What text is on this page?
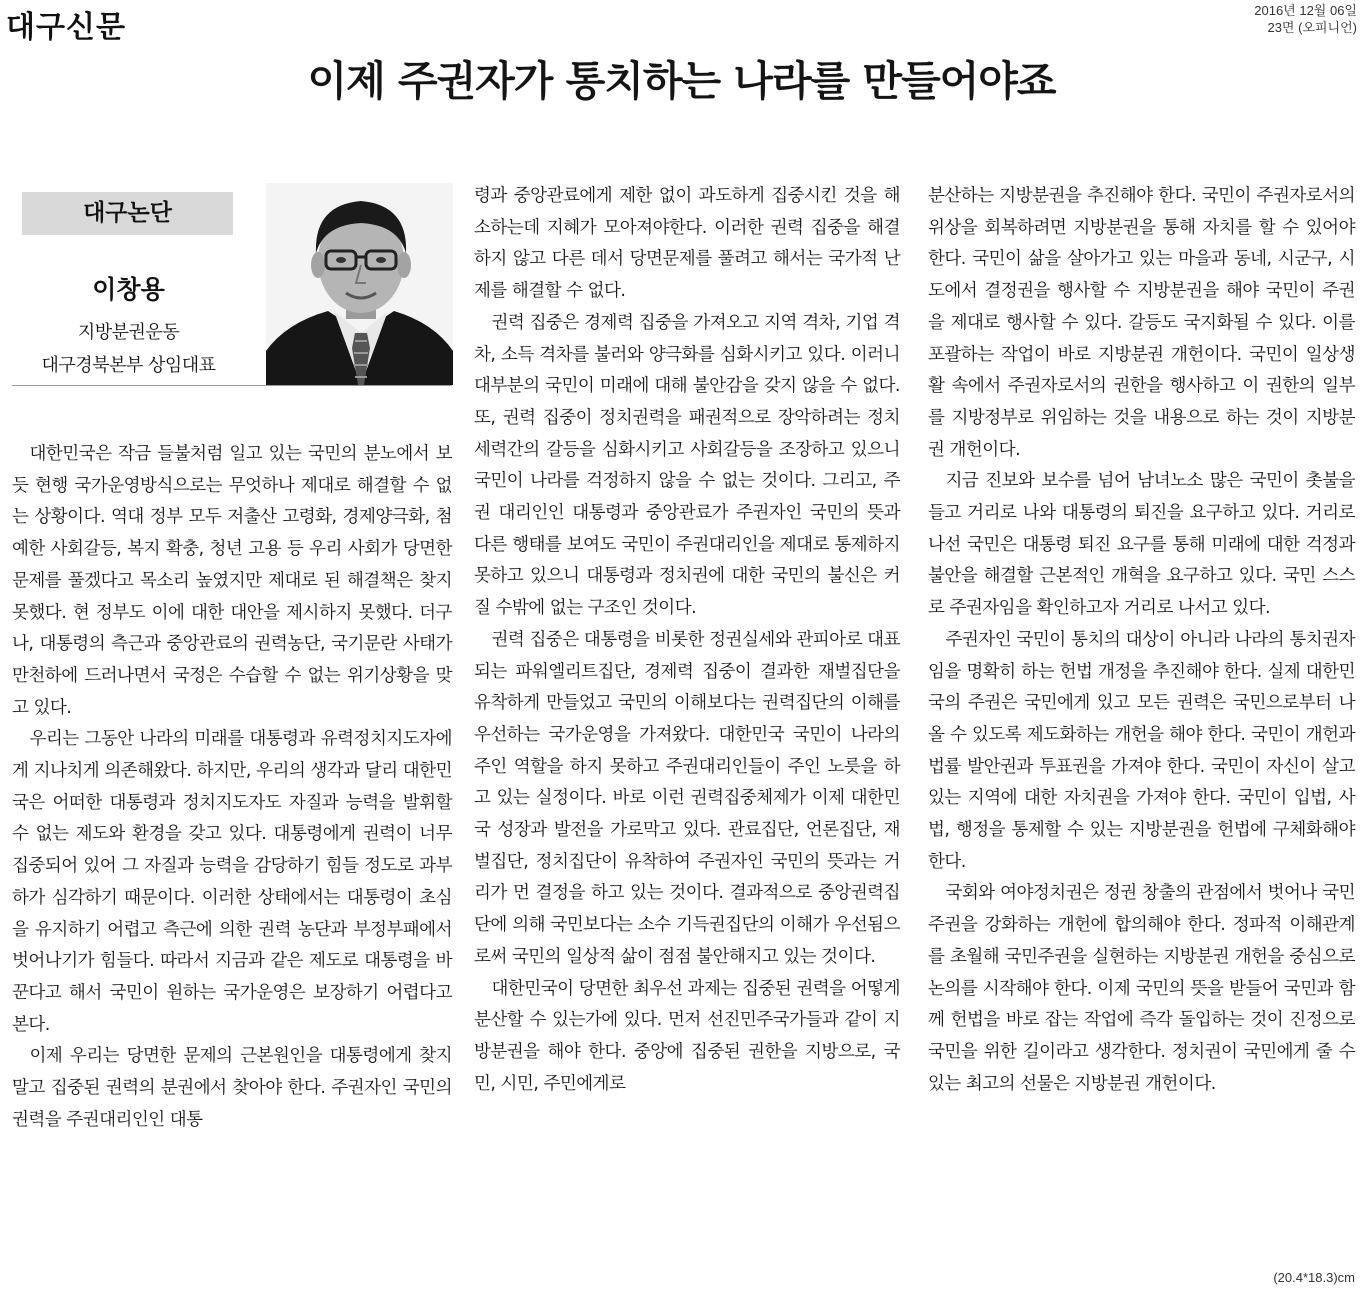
대구신문	2016년 12월 06일
23면 (오피니언)
이제 주권자가 통치하는 나라를 만들어야죠
대구논단
이창용
지방분권운동
대구경북본부 상임대표

대한민국은 작금 들불처럼 일고 있는 국민의 분노에서 보듯 현행 국가운영방식으로는 무엇하나 제대로 해결할 수 없는 상황이다. 역대 정부 모두 저출산 고령화, 경제양극화, 첨예한 사회갈등, 복지 확충, 청년 고용 등 우리 사회가 당면한 문제를 풀겠다고 목소리 높였지만 제대로 된 해결책은 찾지 못했다. 현 정부도 이에 대한 대안을 제시하지 못했다. 더구나, 대통령의 측근과 중앙관료의 권력농단, 국기문란 사태가 만천하에 드러나면서 국정은 수습할 수 없는 위기상황을 맞고 있다.

우리는 그동안 나라의 미래를 대통령과 유력정치지도자에게 지나치게 의존해왔다. 하지만, 우리의 생각과 달리 대한민국은 어떠한 대통령과 정치지도자도 자질과 능력을 발휘할 수 없는 제도와 환경을 갖고 있다. 대통령에게 권력이 너무 집중되어 있어 그 자질과 능력을 감당하기 힘들 정도로 과부하가 심각하기 때문이다. 이러한 상태에서는 대통령이 초심을 유지하기 어렵고 측근에 의한 권력 농단과 부정부패에서 벗어나기가 힘들다. 따라서 지금과 같은 제도로 대통령을 바꾼다고 해서 국민이 원하는 국가운영은 보장하기 어렵다고 본다.

이제 우리는 당면한 문제의 근본원인을 대통령에게 찾지 말고 집중된 권력의 분권에서 찾아야 한다. 주권자인 국민의 권력을 주권대리인인 대통

령과 중앙관료에게 제한 없이 과도하게 집중시킨 것을 해소하는데 지혜가 모아져야한다. 이러한 권력 집중을 해결하지 않고 다른 데서 당면문제를 풀려고 해서는 국가적 난제를 해결할 수 없다.

권력 집중은 경제력 집중을 가져오고 지역 격차, 기업 격차, 소득 격차를 불러와 양극화를 심화시키고 있다. 이러니 대부분의 국민이 미래에 대해 불안감을 갖지 않을 수 없다. 또, 권력 집중이 정치권력을 패권적으로 장악하려는 정치세력간의 갈등을 심화시키고 사회갈등을 조장하고 있으니 국민이 나라를 걱정하지 않을 수 없는 것이다. 그리고, 주권 대리인인 대통령과 중앙관료가 주권자인 국민의 뜻과 다른 행태를 보여도 국민이 주권대리인을 제대로 통제하지 못하고 있으니 대통령과 정치권에 대한 국민의 불신은 커질 수밖에 없는 구조인 것이다.

권력 집중은 대통령을 비롯한 정권실세와 관피아로 대표되는 파워엘리트집단, 경제력 집중이 결과한 재벌집단을 유착하게 만들었고 국민의 이해보다는 권력집단의 이해를 우선하는 국가운영을 가져왔다. 대한민국 국민이 나라의 주인 역할을 하지 못하고 주권대리인들이 주인 노릇을 하고 있는 실정이다. 바로 이런 권력집중체제가 이제 대한민국 성장과 발전을 가로막고 있다. 관료집단, 언론집단, 재벌집단, 정치집단이 유착하여 주권자인 국민의 뜻과는 거리가 먼 결정을 하고 있는 것이다. 결과적으로 중앙권력집단에 의해 국민보다는 소수 기득권집단의 이해가 우선됨으로써 국민의 일상적 삶이 점점 불안해지고 있는 것이다.

대한민국이 당면한 최우선 과제는 집중된 권력을 어떻게 분산할 수 있는가에 있다. 먼저 선진민주국가들과 같이 지방분권을 해야 한다. 중앙에 집중된 권한을 지방으로, 국민, 시민, 주민에게로

분산하는 지방분권을 추진해야 한다. 국민이 주권자로서의 위상을 회복하려면 지방분권을 통해 자치를 할 수 있어야 한다. 국민이 삶을 살아가고 있는 마을과 동네, 시군구, 시도에서 결정권을 행사할 수 지방분권을 해야 국민이 주권을 제대로 행사할 수 있다. 갈등도 국지화될 수 있다. 이를 포괄하는 작업이 바로 지방분권 개헌이다. 국민이 일상생활 속에서 주권자로서의 권한을 행사하고 이 권한의 일부를 지방정부로 위임하는 것을 내용으로 하는 것이 지방분권 개헌이다.

지금 진보와 보수를 넘어 남녀노소 많은 국민이 촛불을 들고 거리로 나와 대통령의 퇴진을 요구하고 있다. 거리로 나선 국민은 대통령 퇴진 요구를 통해 미래에 대한 걱정과 불안을 해결할 근본적인 개혁을 요구하고 있다. 국민 스스로 주권자임을 확인하고자 거리로 나서고 있다.

주권자인 국민이 통치의 대상이 아니라 나라의 통치권자임을 명확히 하는 헌법 개정을 추진해야 한다. 실제 대한민국의 주권은 국민에게 있고 모든 권력은 국민으로부터 나올 수 있도록 제도화하는 개헌을 해야 한다. 국민이 개헌과 법률 발안권과 투표권을 가져야 한다. 국민이 자신이 살고 있는 지역에 대한 자치권을 가져야 한다. 국민이 입법, 사법, 행정을 통제할 수 있는 지방분권을 헌법에 구체화해야 한다.

국회와 여야정치권은 정권 창출의 관점에서 벗어나 국민주권을 강화하는 개헌에 합의해야 한다. 정파적 이해관계를 초월해 국민주권을 실현하는 지방분권 개헌을 중심으로 논의를 시작해야 한다. 이제 국민의 뜻을 받들어 국민과 함께 헌법을 바로 잡는 작업에 즉각 돌입하는 것이 진정으로 국민을 위한 길이라고 생각한다. 정치권이 국민에게 줄 수 있는 최고의 선물은 지방분권 개헌이다.

(20.4*18.3)cm
